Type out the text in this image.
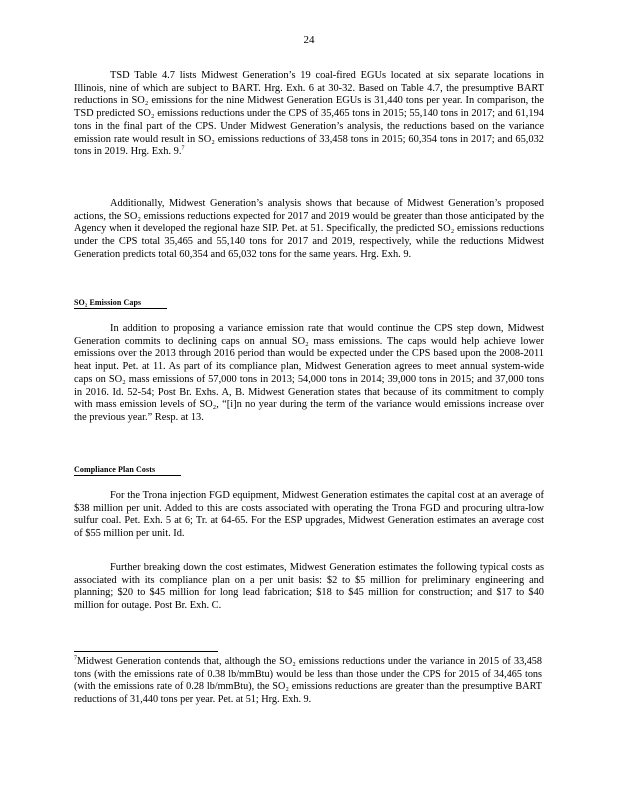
24

TSD Table 4.7 lists Midwest Generation’s 19 coal-fired EGUs located at six separate locations in Illinois, nine of which are subject to BART. Hrg. Exh. 6 at 30-32. Based on Table 4.7, the presumptive BART reductions in SO₂ emissions for the nine Midwest Generation EGUs is 31,440 tons per year. In comparison, the TSD predicted SO₂ emissions reductions under the CPS of 35,465 tons in 2015; 55,140 tons in 2017; and 61,194 tons in the final part of the CPS. Under Midwest Generation’s analysis, the reductions based on the variance emission rate would result in SO₂ emissions reductions of 33,458 tons in 2015; 60,354 tons in 2017; and 65,032 tons in 2019. Hrg. Exh. 9.$^7$

Additionally, Midwest Generation’s analysis shows that because of Midwest Generation’s proposed actions, the SO₂ emissions reductions expected for 2017 and 2019 would be greater than those anticipated by the Agency when it developed the regional haze SIP. Pet. at 51. Specifically, the predicted SO₂ emissions reductions under the CPS total 35,465 and 55,140 tons for 2017 and 2019, respectively, while the reductions Midwest Generation predicts total 60,354 and 65,032 tons for the same years. Hrg. Exh. 9.

SO₂ Emission Caps

In addition to proposing a variance emission rate that would continue the CPS step down, Midwest Generation commits to declining caps on annual SO₂ mass emissions. The caps would help achieve lower emissions over the 2013 through 2016 period than would be expected under the CPS based upon the 2008-2011 heat input. Pet. at 11. As part of its compliance plan, Midwest Generation agrees to meet annual system-wide caps on SO₂ mass emissions of 57,000 tons in 2013; 54,000 tons in 2014; 39,000 tons in 2015; and 37,000 tons in 2016. Id. 52-54; Post Br. Exhs. A, B. Midwest Generation states that because of its commitment to comply with mass emission levels of SO₂, “[i]n no year during the term of the variance would emissions increase over the previous year.” Resp. at 13.

Compliance Plan Costs

For the Trona injection FGD equipment, Midwest Generation estimates the capital cost at an average of $38 million per unit. Added to this are costs associated with operating the Trona FGD and procuring ultra-low sulfur coal. Pet. Exh. 5 at 6; Tr. at 64-65. For the ESP upgrades, Midwest Generation estimates an average cost of $55 million per unit. Id.

Further breaking down the cost estimates, Midwest Generation estimates the following typical costs as associated with its compliance plan on a per unit basis: $2 to $5 million for preliminary engineering and planning; $20 to $45 million for long lead fabrication; $18 to $45 million for construction; and $17 to $40 million for outage. Post Br. Exh. C.

$^7$Midwest Generation contends that, although the SO₂ emissions reductions under the variance in 2015 of 33,458 tons (with the emissions rate of 0.38 lb/mmBtu) would be less than those under the CPS for 2015 of 34,465 tons (with the emissions rate of 0.28 lb/mmBtu), the SO₂ emissions reductions are greater than the presumptive BART reductions of 31,440 tons per year. Pet. at 51; Hrg. Exh. 9.
